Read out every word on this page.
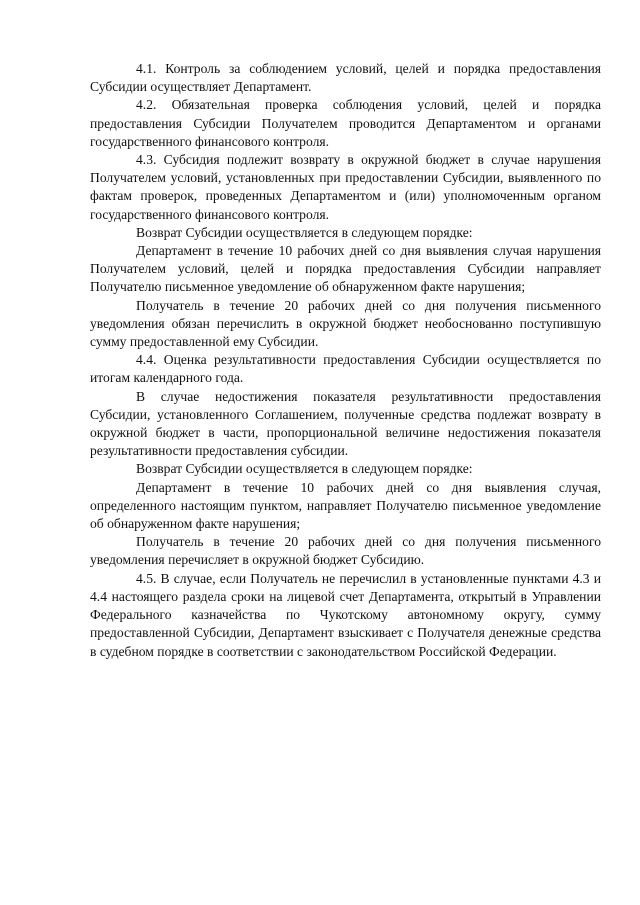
4.1. Контроль за соблюдением условий, целей и порядка предоставления Субсидии осуществляет Департамент.

4.2. Обязательная проверка соблюдения условий, целей и порядка предоставления Субсидии Получателем проводится Департаментом и органами государственного финансового контроля.

4.3. Субсидия подлежит возврату в окружной бюджет в случае нарушения Получателем условий, установленных при предоставлении Субсидии, выявленного по фактам проверок, проведенных Департаментом и (или) уполномоченным органом государственного финансового контроля.

Возврат Субсидии осуществляется в следующем порядке:

Департамент в течение 10 рабочих дней со дня выявления случая нарушения Получателем условий, целей и порядка предоставления Субсидии направляет Получателю письменное уведомление об обнаруженном факте нарушения;

Получатель в течение 20 рабочих дней со дня получения письменного уведомления обязан перечислить в окружной бюджет необоснованно поступившую сумму предоставленной ему Субсидии.

4.4. Оценка результативности предоставления Субсидии осуществляется по итогам календарного года.

В случае недостижения показателя результативности предоставления Субсидии, установленного Соглашением, полученные средства подлежат возврату в окружной бюджет в части, пропорциональной величине недостижения показателя результативности предоставления субсидии.

Возврат Субсидии осуществляется в следующем порядке:

Департамент в течение 10 рабочих дней со дня выявления случая, определенного настоящим пунктом, направляет Получателю письменное уведомление об обнаруженном факте нарушения;

Получатель в течение 20 рабочих дней со дня получения письменного уведомления перечисляет в окружной бюджет Субсидию.

4.5. В случае, если Получатель не перечислил в установленные пунктами 4.3 и 4.4 настоящего раздела сроки на лицевой счет Департамента, открытый в Управлении Федерального казначейства по Чукотскому автономному округу, сумму предоставленной Субсидии, Департамент взыскивает с Получателя денежные средства в судебном порядке в соответствии с законодательством Российской Федерации.
